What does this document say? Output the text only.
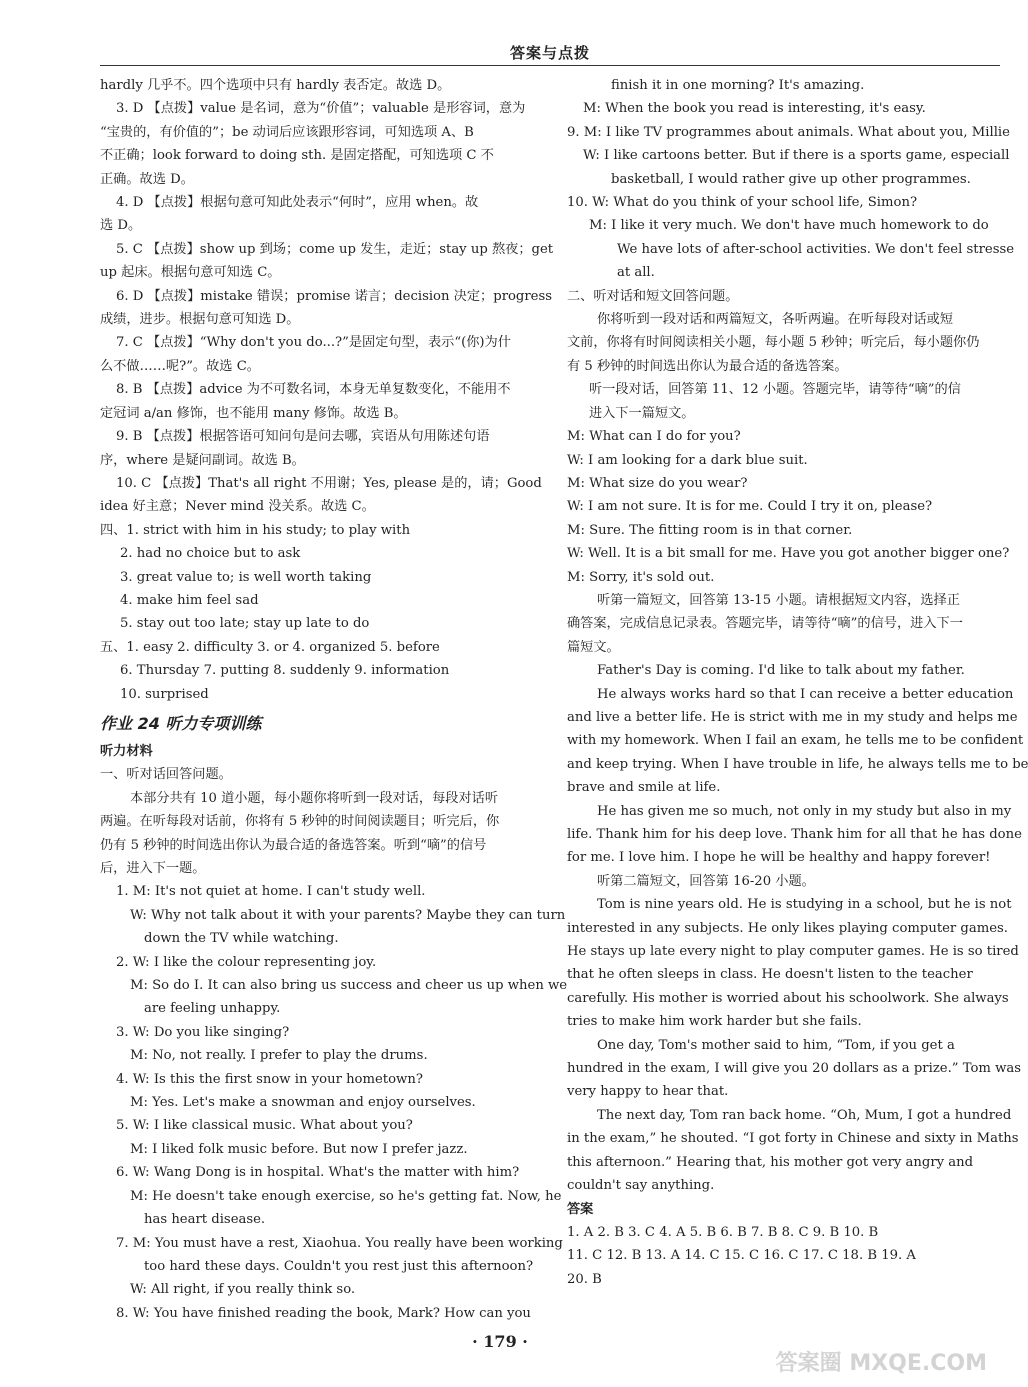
答案与点拨
hardly 几乎不。四个选项中只有 hardly 表否定。故选 D。
3. D 【点拨】value 是名词，意为“价值”；valuable 是形容词，意为
“宝贵的，有价值的”；be 动词后应该跟形容词，可知选项 A、B
不正确；look forward to doing sth. 是固定搭配，可知选项 C 不
正确。故选 D。
4. D 【点拨】根据句意可知此处表示“何时”，应用 when。故
选 D。
5. C 【点拨】show up 到场；come up 发生，走近；stay up 熬夜；get
up 起床。根据句意可知选 C。
6. D 【点拨】mistake 错误；promise 诺言；decision 决定；progress
成绩，进步。根据句意可知选 D。
7. C 【点拨】“Why don't you do...?”是固定句型，表示“(你)为什
么不做……呢?”。故选 C。
8. B 【点拨】advice 为不可数名词，本身无单复数变化，不能用不
定冠词 a/an 修饰，也不能用 many 修饰。故选 B。
9. B 【点拨】根据答语可知问句是问去哪，宾语从句用陈述句语
序，where 是疑问副词。故选 B。
10. C 【点拨】That's all right 不用谢；Yes, please 是的，请；Good
idea 好主意；Never mind 没关系。故选 C。
四、1. strict with him in his study; to play with
2. had no choice but to ask
3. great value to; is well worth taking
4. make him feel sad
5. stay out too late; stay up late to do
五、1. easy 2. difficulty 3. or 4. organized 5. before
6. Thursday 7. putting 8. suddenly 9. information
10. surprised
作业 24 听力专项训练
听力材料
一、听对话回答问题。
本部分共有 10 道小题，每小题你将听到一段对话，每段对话听
两遍。在听每段对话前，你将有 5 秒钟的时间阅读题目；听完后，你
仍有 5 秒钟的时间选出你认为最合适的备选答案。听到“嘀”的信号
后，进入下一题。
1. M: It's not quiet at home. I can't study well.
W: Why not talk about it with your parents? Maybe they can turn
down the TV while watching.
2. W: I like the colour representing joy.
M: So do I. It can also bring us success and cheer us up when we
are feeling unhappy.
3. W: Do you like singing?
M: No, not really. I prefer to play the drums.
4. W: Is this the first snow in your hometown?
M: Yes. Let's make a snowman and enjoy ourselves.
5. W: I like classical music. What about you?
M: I liked folk music before. But now I prefer jazz.
6. W: Wang Dong is in hospital. What's the matter with him?
M: He doesn't take enough exercise, so he's getting fat. Now, he
has heart disease.
7. M: You must have a rest, Xiaohua. You really have been working
too hard these days. Couldn't you rest just this afternoon?
W: All right, if you really think so.
8. W: You have finished reading the book, Mark? How can you
finish it in one morning? It's amazing.
M: When the book you read is interesting, it's easy.
9. M: I like TV programmes about animals. What about you, Millie
W: I like cartoons better. But if there is a sports game, especiall
basketball, I would rather give up other programmes.
10. W: What do you think of your school life, Simon?
M: I like it very much. We don't have much homework to do
We have lots of after-school activities. We don't feel stresse
at all.
二、听对话和短文回答问题。
你将听到一段对话和两篇短文，各听两遍。在听每段对话或短
文前，你将有时间阅读相关小题，每小题 5 秒钟；听完后，每小题你仍
有 5 秒钟的时间选出你认为最合适的备选答案。
听一段对话，回答第 11、12 小题。答题完毕，请等待“嘀”的信
进入下一篇短文。
M: What can I do for you?
W: I am looking for a dark blue suit.
M: What size do you wear?
W: I am not sure. It is for me. Could I try it on, please?
M: Sure. The fitting room is in that corner.
W: Well. It is a bit small for me. Have you got another bigger one?
M: Sorry, it's sold out.
听第一篇短文，回答第 13-15 小题。请根据短文内容，选择正
确答案，完成信息记录表。答题完毕，请等待“嘀”的信号，进入下一
篇短文。
Father's Day is coming. I'd like to talk about my father.
He always works hard so that I can receive a better education
and live a better life. He is strict with me in my study and helps me
with my homework. When I fail an exam, he tells me to be confident
and keep trying. When I have trouble in life, he always tells me to be
brave and smile at life.
He has given me so much, not only in my study but also in my
life. Thank him for his deep love. Thank him for all that he has done
for me. I love him. I hope he will be healthy and happy forever!
听第二篇短文，回答第 16-20 小题。
Tom is nine years old. He is studying in a school, but he is not
interested in any subjects. He only likes playing computer games.
He stays up late every night to play computer games. He is so tired
that he often sleeps in class. He doesn't listen to the teacher
carefully. His mother is worried about his schoolwork. She always
tries to make him work harder but she fails.
One day, Tom's mother said to him, “Tom, if you get a
hundred in the exam, I will give you 20 dollars as a prize.” Tom was
very happy to hear that.
The next day, Tom ran back home. “Oh, Mum, I got a hundred
in the exam,” he shouted. “I got forty in Chinese and sixty in Maths
this afternoon.” Hearing that, his mother got very angry and
couldn't say anything.
答案
1. A 2. B 3. C 4. A 5. B 6. B 7. B 8. C 9. B 10. B
11. C 12. B 13. A 14. C 15. C 16. C 17. C 18. B 19. A
20. B
· 179 ·
答案圈 MXQE.COM
